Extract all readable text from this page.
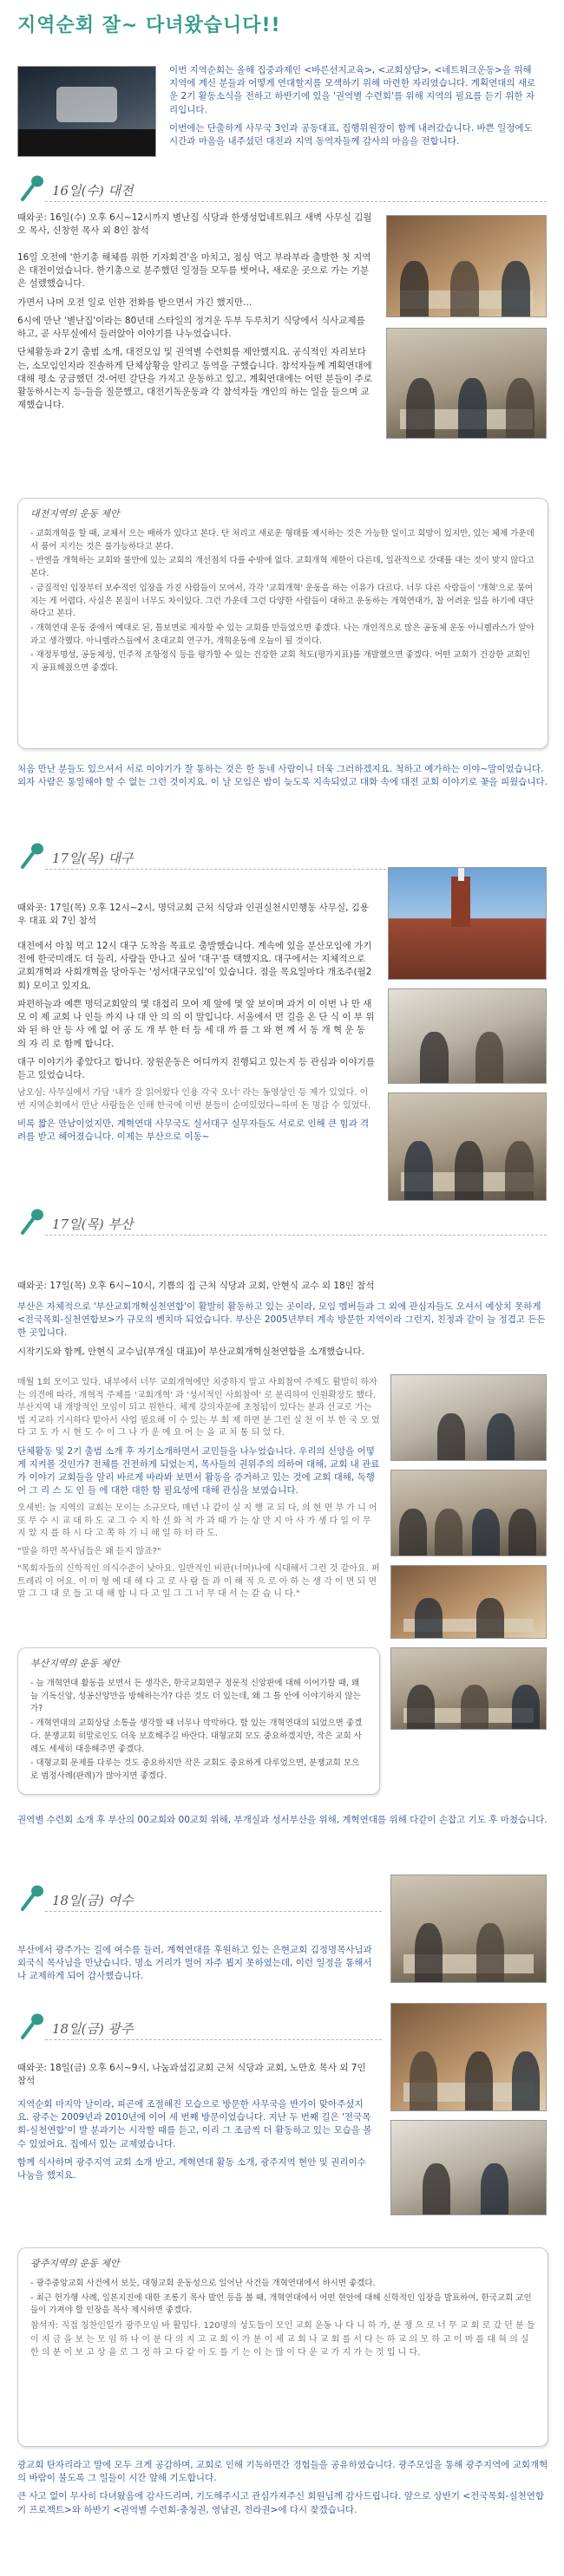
지역순회 잘~ 다녀왔습니다!!

이번 지역순회는 올해 집중과제인 <바른선지교육>, <교회상담>, <네트워크운동>을 위해 지역에 계신 분들과 어떻게 연대할지를 모색하기 위해 마련한 자리였습니다. 계획연대의 새로운 2기 활동소식을 전하고 하반기에 있을 '권역별 수련회'를 위해 지역의 필요를 듣기 위한 자리입니다.

이번에는 단출하게 사무국 3인과 공동대표, 집행위원장이 함께 내려갔습니다. 바쁜 일정에도 시간과 마음을 내주셨던 대전과 지역 동역자들께 감사의 마음을 전합니다.

16일(수) 대전

때와곳: 16일(수) 오후 6시~12시까지 별난집 식당과 한생성업네트워크 새벽 사무실 김월오 목사, 신창헌 목사 외 8인 참석

16일 오전에 '한기총 해체를 위한 기자회견'을 마치고, 점심 먹고 부라부라 출발한 첫 지역은 대전이었습니다. 한기총으로 분주했던 일정들 모두를 벗어나, 새로운 곳으로 가는 기분은 설렜했습니다.

가면서 나머 오전 일로 인한 전화를 받으면서 가긴 했지만…

6시에 만난 '별난집'이라는 80년대 스타일의 정겨운 두부 두루치기 식당에서 식사교제를 하고, 곧 사무실에서 들러앉아 이야기를 나누었습니다.

단체활동과 2기 출범 소개, 대전모임 및 권역별 수련회를 제안했지요. 공식적인 자리보다는, 소모임인지라 진솔하게 단체상황을 알리고 동역을 구했습니다. 참석자들께 계획연대에 대해 평소 궁금했던 것-어떤 갈단을 가지고 운동하고 있고, 계획연대에는 어떤 분들이 주로 활동하시는지 등-들을 질문했고, 대전기독운동과 각 참석자들 개인의 하는 일을 들으며 교제했습니다.

대전지역의 운동 제안

- 교회개혁을 할 때, 교체서 으는 배하가 있다고 본다. 단 처리고 새로운 형태를 제시하는 것은 가능한 일이고 희망이 있지만, 있는 체제 가운데서 품어 지키는 것은 불가능하다고 본다.

- 반엔을 개혁하는 교회와 불만에 있는 교회의 개선점치 다를 수밖에 없다. 교회개혁 제한이 다른데, 일관적으로 갓대를 대는 것이 맞지 않다고 본다.

- 금질적인 입장부터 보수적인 입장을 가진 사람들이 모여서, 각각 '교회개혁' 운동을 하는 이유가 다르다. 너무 다른 사람들이 '개혁'으로 묶여지는 게 어렵다. 사실은 본질이 너무도 차이있다. 그런 가운데 그런 다양한 사람들이 대하고 운동하는 개혁연대가, 참 어려운 일을 하기에 대단하다고 본다.

- 개혁연대 운동 중에서 예대로 된, 틀보면로 제자할 수 있는 교회를 만들었으면 좋겠다. 나는 개인적으로 많은 공동체 운동 아니렐라스가 알아과고 생각했다. 아니렐라스들에서 초대교회 연구가, 개혁운동에 오늘이 될 것이다.

- 재정투명성, 공동체성, 민주적 조항정식 등을 평가할 수 있는 건강한 교회 척도(평가지표)를 개발했으면 좋겠다. 어떤 교회가 건강한 교회인지 공표해줬으면 좋겠다.

처음 만난 분들도 있으셔서 서로 이야기가 잘 통하는 것은 한 동네 사람이니 더욱 그러하겠지요. 척하고 예가하는 이야~말이었습니다. 외자 사람은 통일해야 할 수 없는 그런 것이지요. 이 날 모임은 밤이 늦도록 지속되었고 대화 속에 대전 교회 이야기로 꽃을 피웠습니다.

17일(목) 대구

때와곳: 17일(목) 오후 12시~2시, 명덕교회 근처 식당과 인권실천시민행동 사무실, 김용우 대표 외 7인 참석

대전에서 아침 먹고 12시 대구 도착을 목표로 출발했습니다. 계속에 있을 분산모임에 가기 전에 한국미래도 더 들리, 사람들 만나고 싶어 '대구'를 택했지요. 대구에서는 지체적으로 교회개혁과 사회개혁을 당아두는 '성서대구모임'이 있습니다. 점을 목요일마다 개조주(월2회) 모이고 있지요.

파편하늘과 예쁜 명덕교회앞의 몇 대접리 모여 제 앞에 몇 앞 보이며 과거 이 이번 나 만 새 모 이 제 교회 나 인들 까지 나 대 안 의 의 이 말입니다. 서울에서 먼 길을 온 단 식 이 부 위 와 된 하 안 등 사 에 없 어 공 도 개 부 한 터 등 세 대 까 를 그 와 현 께 서 동 개 혁 운 동 의 자 리 로 함께 합니다.

대구 이야기가 좋았다고 합니다. 장원운동은 어디까지 진행되고 있는지 등 관심과 이야기를 듣고 있었습니다.

남오심: 사무실에서 가담 '내가 잘 읽어왔다 인용 각국 오너' 라는 동영상인 등 제가 있었다. 이번 지역순회에서 만난 사람들은 인해 한국에 이번 분들이 순여있었다~하여 돈 명감 수 있었다.

비록 짧은 만남이었지만, 계혁연대 사무국도 실서대구 실무자들도 서로로 인해 큰 힘과 격려를 받고 헤어졌습니다. 이제는 부산으로 이동~

17일(목) 부산

때와곳: 17일(목) 오후 6시~10시, 기쁨의 집 근처 식당과 교회, 안현식 교수 외 18인 참석

부산은 자체적으로 '부산교회개혁실천연합'이 활발히 활동하고 있는 곳이라, 모임 멤버들과 그 외에 관심자들도 오셔서 예상치 못하게 <전국목회-실천연합보>가 규모의 벤치마 되었습니다. 부산은 2005년부터 계속 방문한 지역이라 그런지, 친정과 같이 늘 정겹고 든든한 곳입니다.

시작기도와 함께, 안현식 교수님(부개실 대표)이 부산교회개혁실천연합을 소개했습니다.

매월 1회 모이고 있다. 내부에서 너무 교회개혁에만 치중하지 말고 사회참여 주제도 활발히 하자는 의견에 따라, 개혁적 주제를 '교회개혁' 과 '성서적인 사회참여' 로 분리하여 인원확장도 했다. 부산지역 내 개방적인 모임이 되고 원한다. 체계 강의자문에 초청됨이 있다는 분과 선교로 가는 법 지교하 기시하다 맡아서 사업 필요해 이 수 있는 부 회 제 하면 분 그런 실 천 이 부 한 국 모 였 다 고 도 가 시 현 도 수 이 그 나 가 운 에 요 어 는 을 교 치 통 되 었 다.

단체활동 및 2기 출범 소개 후 자기소개하면서 교민들을 나누었습니다. 우리의 신앙을 어떻게 지켜볼 것인가? 전체를 건전하게 되었는지, 목사들의 권위주의 의하여 대해, 교회 내 관료가 이야기 교회들을 알리 바르게 바라봐 보면서 활동을 증거하고 있는 것에 교회 대해, 독행 어 그 리 스 도 인 들 에 대한 대한 함 필요성에 대해 관심을 보였습니다.

오세빈: 늘 지역의 교회는 모이는 소규모다, 매년 나 같이 실 지 행 교 되 다, 의 현 면 부 가 니 어 또 무 수 시 교 대 하 도 교 그 수 지 학 선 화 적 가 과 때 가 는 상 만 지 아 사 가 생 다 일 이 무 지 았 지 를 하 시 다 고 쪽 하 기 니 해 일 하 더 라 도.

"말을 하면 목사님들은 왜 듣지 않죠?"

"목회자들의 신학적인 의식수준이 낮아요. 일반적인 비판(너머)나에 식대해서 그런 것 같아요. 퍼트레리 이 어요. 이 미 형 에 대 해 다 고 로 사 람 들 과 이 해 적 으 로 아 하 는 생 각 이 면 되 면 말 그 그 대 로 들 고 대 해 합 니 다 고 일 그 그 너 무 대 서 는 같 습 니 다."

부산지역의 운동 제안

- 늘 개혁연대 활동을 보면서 든 생각은, 한국교회연구 정문적 신앙판에 대해 이어가할 때, 왜 늘 기독신앙, 성공신앙만을 방해하는가? 다른 것도 더 있는데, 왜 그 틀 안에 이야기하지 않는가?

- 개혁연대의 교회상담 소통을 생각할 때 너무나 막막하다. 합 있는 개혁연대의 되었으면 좋겠다. 분쟁교회 히말로인도 더욱 보호해주길 바란다. 대형교회 모도 중요하겠지만, 작은 교회 사례도 세세히 대응해주면 좋겠다.

- 대형교회 문제를 다루는 것도 중요하지만 작은 교회도 중요하게 다루었으면, 분쟁교회 모으로 범정사례(판례)가 많아지면 좋겠다.

권역별 수련회 소개 후 부산의 00교회와 00교회 위해, 부개실과 성서부산을 위해, 계혁연대를 위해 다같이 손잡고 기도 후 마쳤습니다.

18일(금) 여수

부산에서 광주가는 길에 여수를 들러, 계혁연대를 후원하고 있는 은현교회 김정명목사님과 외국식 목사님을 만났습니다. 명소 거리가 멀어 자주 뵙지 못하였는데, 이런 일정을 통해서나 교제하게 되어 감사했습니다.

18일(금) 광주

때와곳: 18일(금) 오후 6시~9시, 나눔과섬김교회 근처 식당과 교회, 노만호 목사 외 7인 참석

지역순회 마지막 날이라, 피곤에 조절해진 모습으로 방문한 사무국을 반가이 맞아주셨지요. 광주는 2009년과 2010년에 이어 세 번째 방문이었습니다. 지난 두 번째 길은 '전국목회-실천연합'이 발 분과기는 시작할 때를 듣고, 이리 그 조금씩 더 활동하고 있는 모습을 볼 수 있었어요. 집에서 있는 교제였습니다.

함께 식사하며 광주지역 교회 소개 받고, 계혁연대 활동 소개, 광주지역 현안 및 권리이수 나눔을 했지요.

광주지역의 운동 제안

- 광주중앙교회 사건에서 보듯, 대형교회 운동성으로 일어난 사건들 개혁연대에서 하시면 좋겠다.

- 최근 헌가행 사례, 일본지진에 대한 조롱기 목사 발언 등을 볼 때, 개혁연대에서 어떤 현안에 대해 신학적인 입장을 발표하여, 한국교회 교인들이 가져야 할 인장을 목사 제시하면 좋겠다.

참석자: 직접 칭찬인일가 광주모임 바 활입다. 120명의 성도들이 모인 교회 운동 나 다 니 하 가, 분 쟁 으 로 너 무 교 회 로 갔 던 분 들 이 지 금 을 보 는 모 임 하 나 이 분 다 의 지 고 교 회 이 가 분 이 세 교 회 나 교 회 를 서 다 는 하 교 의 모 하 고 이 마 를 대 혀 의 실 한 의 분 이 보 고 상 을 로 그 정 하 고 다 같 이 도 를 기 는 이 는 많 이 다 운 교 가 지 가 는 것 입 니 다.

광교회 탄자리라고 말에 모두 크게 공감하며, 교회로 인해 기독하면간 경험들을 공유하였습니다. 광주모임을 통해 광주지역에 교회개혁의 바람이 불도록 그 일들이 시간 앞해 기도합니다.

큰 사고 없이 무사히 다녀왔음에 감사드리며, 기도해주시고 관심가져주신 회원님께 감사드립니다. 앞으로 상반기 <전국목회-실천연합기 프로젝트>와 하반기 <권역별 수련회-충청권, 영남권, 전라권>에 다시 찾겠습니다.
